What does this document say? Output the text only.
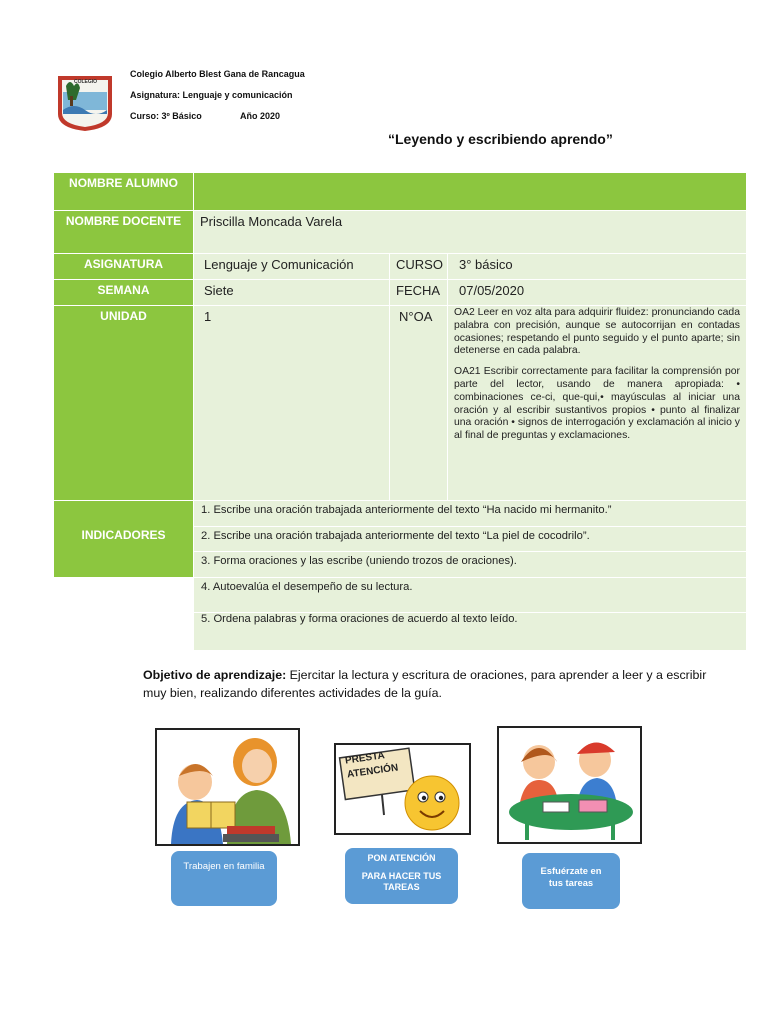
COLEGIO
Colegio Alberto Blest Gana de Rancagua
Asignatura: Lenguaje y comunicación
Curso: 3º Básico	Año 2020
“Leyendo y escribiendo aprendo”
NOMBRE ALUMNO
NOMBRE DOCENTE	Priscilla Moncada Varela
ASIGNATURA	Lenguaje y Comunicación	CURSO	3° básico
SEMANA	Siete	FECHA	07/05/2020
UNIDAD	1	N°OA	OA2 Leer en voz alta para adquirir fluidez: pronunciando cada palabra con precisión, aunque se autocorrijan en contadas ocasiones; respetando el punto seguido y el punto aparte; sin detenerse en cada palabra.
OA21 Escribir correctamente para facilitar la comprensión por parte del lector, usando de manera apropiada: • combinaciones ce-ci, que-qui,• mayúsculas al iniciar una oración y al escribir sustantivos propios • punto al finalizar una oración • signos de interrogación y exclamación al inicio y al final de preguntas y exclamaciones.
INDICADORES
1. Escribe una oración trabajada anteriormente del texto “Ha nacido mi hermanito.”
2. Escribe una oración trabajada anteriormente del texto “La piel de cocodrilo”.
3. Forma oraciones y las escribe (uniendo trozos de oraciones).
4. Autoevalúa el desempeño de su lectura.
5. Ordena palabras y forma oraciones de acuerdo al texto leído.
Objetivo de aprendizaje: Ejercitar la lectura y escritura de oraciones, para aprender a leer y a escribir muy bien, realizando diferentes actividades de la guía.
PRESTA
ATENCIÓN
Trabajen en familia
PON ATENCIÓN
PARA HACER TUS TAREAS
Esfuérzate en tus tareas
